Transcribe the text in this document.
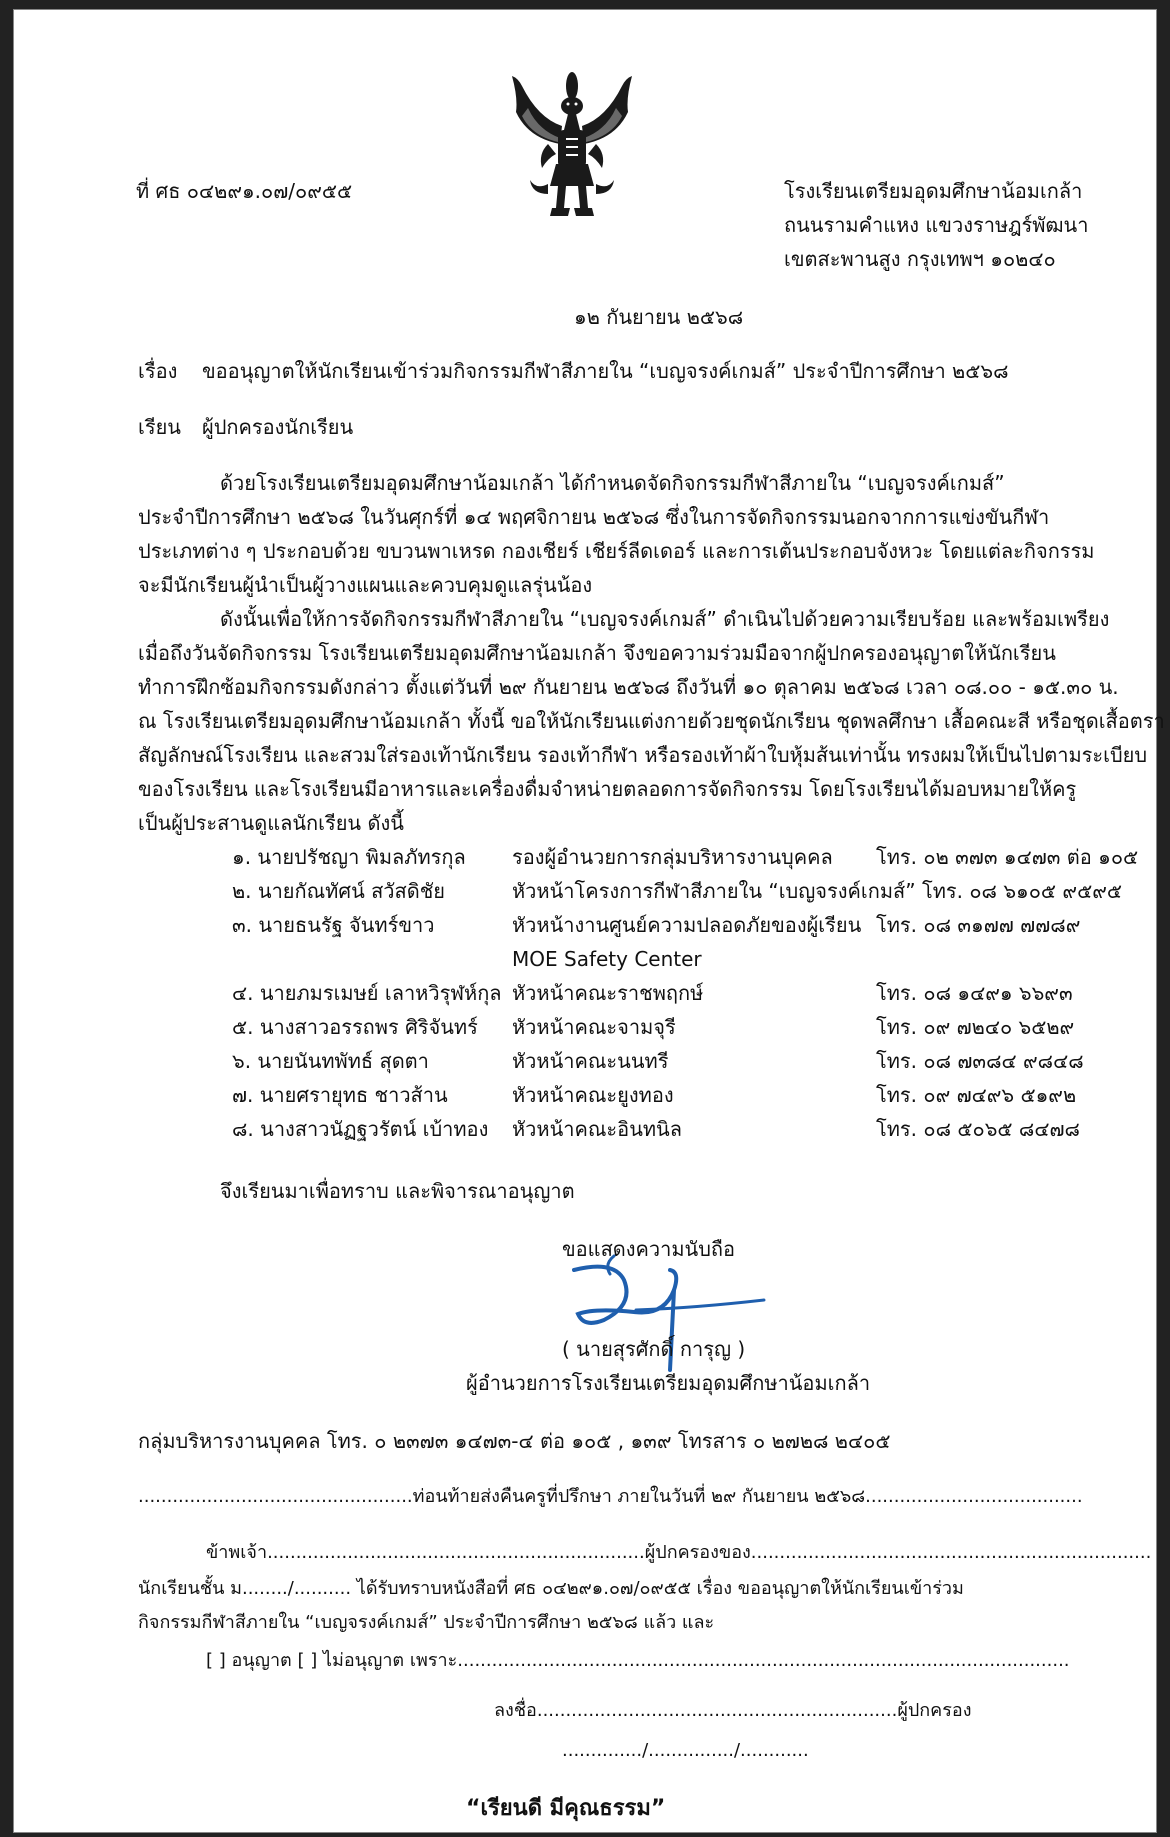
ที่ ศธ ๐๔๒๙๑.๐๗/๐๙๕๕	โรงเรียนเตรียมอุดมศึกษาน้อมเกล้า
ถนนรามคำแหง แขวงราษฎร์พัฒนา
เขตสะพานสูง กรุงเทพฯ ๑๐๒๔๐
๑๒ กันยายน ๒๕๖๘
เรื่อง ขออนุญาตให้นักเรียนเข้าร่วมกิจกรรมกีฬาสีภายใน “เบญจรงค์เกมส์” ประจำปีการศึกษา ๒๕๖๘
เรียน ผู้ปกครองนักเรียน
ด้วยโรงเรียนเตรียมอุดมศึกษาน้อมเกล้า ได้กำหนดจัดกิจกรรมกีฬาสีภายใน “เบญจรงค์เกมส์”
ประจำปีการศึกษา ๒๕๖๘ ในวันศุกร์ที่ ๑๔ พฤศจิกายน ๒๕๖๘ ซึ่งในการจัดกิจกรรมนอกจากการแข่งขันกีฬา
ประเภทต่าง ๆ ประกอบด้วย ขบวนพาเหรด กองเชียร์ เชียร์ลีดเดอร์ และการเต้นประกอบจังหวะ โดยแต่ละกิจกรรม
จะมีนักเรียนผู้นำเป็นผู้วางแผนและควบคุมดูแลรุ่นน้อง
ดังนั้นเพื่อให้การจัดกิจกรรมกีฬาสีภายใน “เบญจรงค์เกมส์” ดำเนินไปด้วยความเรียบร้อย และพร้อมเพรียง
เมื่อถึงวันจัดกิจกรรม โรงเรียนเตรียมอุดมศึกษาน้อมเกล้า จึงขอความร่วมมือจากผู้ปกครองอนุญาตให้นักเรียน
ทำการฝึกซ้อมกิจกรรมดังกล่าว ตั้งแต่วันที่ ๒๙ กันยายน ๒๕๖๘ ถึงวันที่ ๑๐ ตุลาคม ๒๕๖๘ เวลา ๐๘.๐๐ - ๑๕.๓๐ น.
ณ โรงเรียนเตรียมอุดมศึกษาน้อมเกล้า ทั้งนี้ ขอให้นักเรียนแต่งกายด้วยชุดนักเรียน ชุดพลศึกษา เสื้อคณะสี หรือชุดเสื้อตรา
สัญลักษณ์โรงเรียน และสวมใส่รองเท้านักเรียน รองเท้ากีฬา หรือรองเท้าผ้าใบหุ้มส้นเท่านั้น ทรงผมให้เป็นไปตามระเบียบ
ของโรงเรียน และโรงเรียนมีอาหารและเครื่องดื่มจำหน่ายตลอดการจัดกิจกรรม โดยโรงเรียนได้มอบหมายให้ครู
เป็นผู้ประสานดูแลนักเรียน ดังนี้
๑. นายปรัชญา พิมลภัทรกุล รองผู้อำนวยการกลุ่มบริหารงานบุคคล โทร. ๐๒ ๓๗๓ ๑๔๗๓ ต่อ ๑๐๕
๒. นายกัณทัศน์ สวัสดิชัย	หัวหน้าโครงการกีฬาสีภายใน “เบญจรงค์เกมส์” โทร. ๐๘ ๖๑๐๕ ๙๕๙๕
๓. นายธนรัฐ จันทร์ขาว	หัวหน้างานศูนย์ความปลอดภัยของผู้เรียน โทร. ๐๘ ๓๑๗๗ ๗๗๘๙
MOE Safety Center
๔. นายภมรเมษย์ เลาหวิรุฬห์กุล หัวหน้าคณะราชพฤกษ์	โทร. ๐๘ ๑๔๙๑ ๖๖๙๓
๕. นางสาวอรรถพร ศิริจันทร์ หัวหน้าคณะจามจุรี	โทร. ๐๙ ๗๒๔๐ ๖๕๒๙
๖. นายนันทพัทธ์ สุดตา	หัวหน้าคณะนนทรี	โทร. ๐๘ ๗๓๘๔ ๙๘๔๘
๗. นายศรายุทธ ชาวส้าน	หัวหน้าคณะยูงทอง	โทร. ๐๙ ๗๔๙๖ ๕๑๙๒
๘. นางสาวนัฏฐวรัตน์ เบ้าทอง หัวหน้าคณะอินทนิล	โทร. ๐๘ ๕๐๖๕ ๘๔๗๘
จึงเรียนมาเพื่อทราบ และพิจารณาอนุญาต
ขอแสดงความนับถือ
( นายสุรศักดิ์ การุญ )
ผู้อำนวยการโรงเรียนเตรียมอุดมศึกษาน้อมเกล้า
กลุ่มบริหารงานบุคคล โทร. ๐ ๒๓๗๓ ๑๔๗๓-๔ ต่อ ๑๐๕ , ๑๓๙ โทรสาร ๐ ๒๗๒๘ ๒๔๐๕
................................................ท่อนท้ายส่งคืนครูที่ปรึกษา ภายในวันที่ ๒๙ กันยายน ๒๕๖๘......................................
ข้าพเจ้า..................................................................ผู้ปกครองของ......................................................................
นักเรียนชั้น ม......../.......... ได้รับทราบหนังสือที่ ศธ ๐๔๒๙๑.๐๗/๐๙๕๕ เรื่อง ขออนุญาตให้นักเรียนเข้าร่วม
กิจกรรมกีฬาสีภายใน “เบญจรงค์เกมส์” ประจำปีการศึกษา ๒๕๖๘ แล้ว และ
[ ] อนุญาต [ ] ไม่อนุญาต เพราะ...........................................................................................................
ลงชื่อ...............................................................ผู้ปกครอง
............../.............../............
“เรียนดี มีคุณธรรม”
